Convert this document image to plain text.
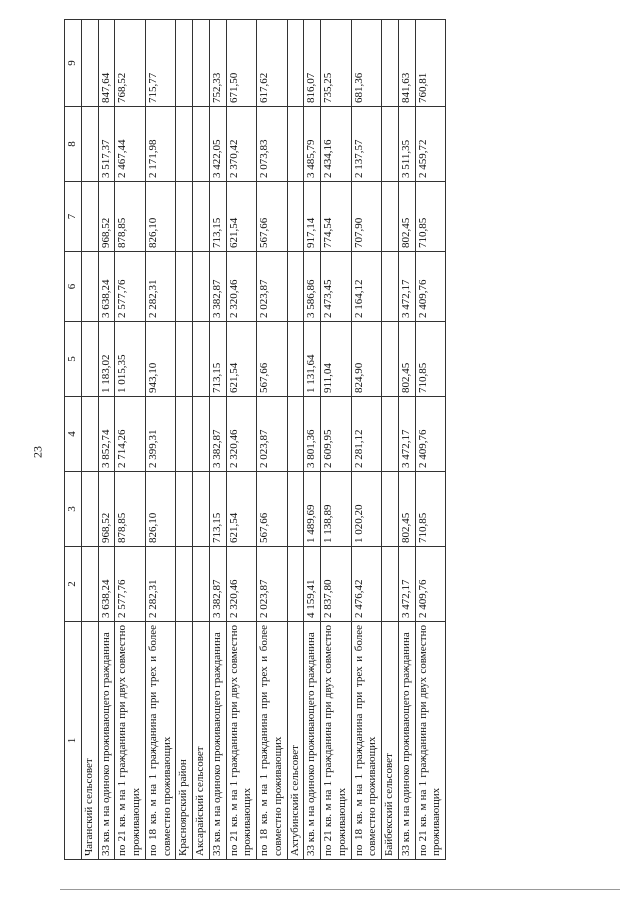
23
1	2	3	4	5	6	7	8	9
Чаганский сельсовет								
33 кв. м на одиноко проживающего гражданина	3 638,24	968,52	3 852,74	1 183,02	3 638,24	968,52	3 517,37	847,64
по 21 кв. м на 1 гражданина при двух совместно проживающих	2 577,76	878,85	2 714,26	1 015,35	2 577,76	878,85	2 467,44	768,52
по 18 кв. м на 1 гражданина при трех и более совместно проживающих	2 282,31	826,10	2 399,31	943,10	2 282,31	826,10	2 171,98	715,77
Красноярский район								
Аксарайский сельсовет								
33 кв. м на одиноко проживающего гражданина	3 382,87	713,15	3 382,87	713,15	3 382,87	713,15	3 422,05	752,33
по 21 кв. м на 1 гражданина при двух совместно проживающих	2 320,46	621,54	2 320,46	621,54	2 320,46	621,54	2 370,42	671,50
по 18 кв. м на 1 гражданина при трех и более совместно проживающих	2 023,87	567,66	2 023,87	567,66	2 023,87	567,66	2 073,83	617,62
Ахтубинский сельсовет								
33 кв. м на одиноко проживающего гражданина	4 159,41	1 489,69	3 801,36	1 131,64	3 586,86	917,14	3 485,79	816,07
по 21 кв. м на 1 гражданина при двух совместно проживающих	2 837,80	1 138,89	2 609,95	911,04	2 473,45	774,54	2 434,16	735,25
по 18 кв. м на 1 гражданина при трех и более совместно проживающих	2 476,42	1 020,20	2 281,12	824,90	2 164,12	707,90	2 137,57	681,36
Байбекский сельсовет								
33 кв. м на одиноко проживающего гражданина	3 472,17	802,45	3 472,17	802,45	3 472,17	802,45	3 511,35	841,63
по 21 кв. м на 1 гражданина при двух совместно проживающих	2 409,76	710,85	2 409,76	710,85	2 409,76	710,85	2 459,72	760,81
